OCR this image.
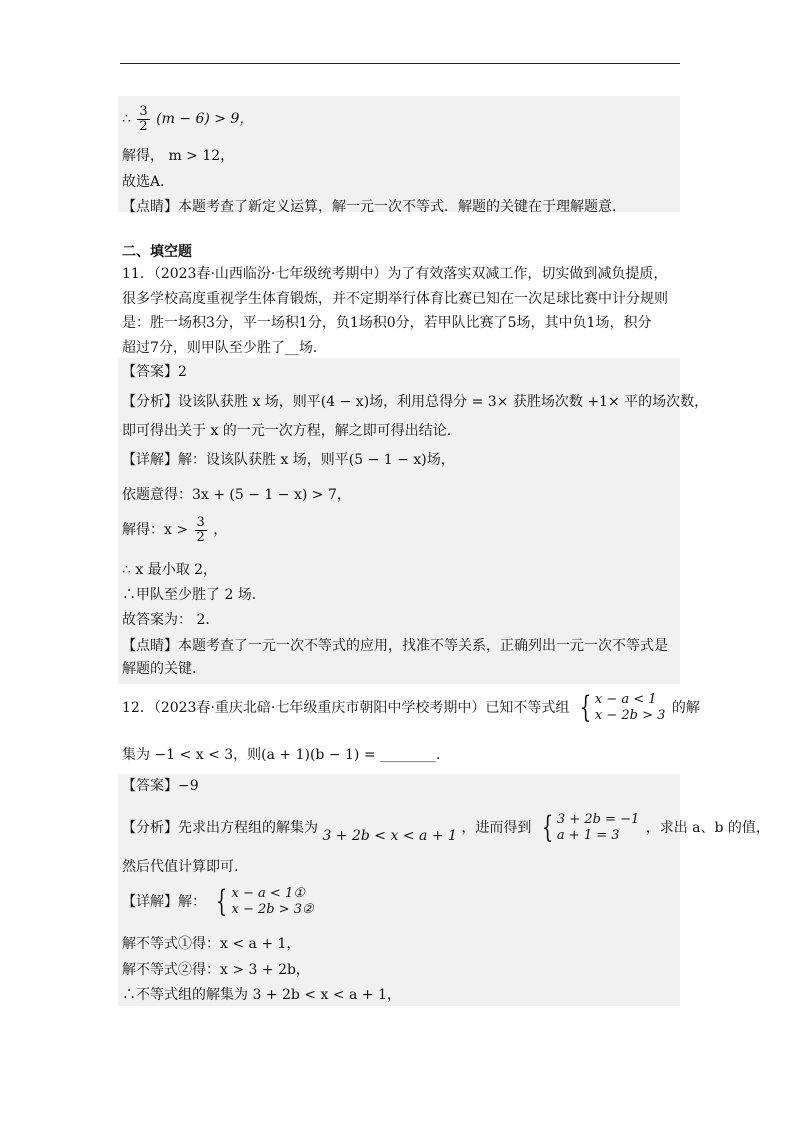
∴ $\frac{3}{2} (m - 6) > 9$，
解得， m > 12，
故选A．
【点睛】本题考查了新定义运算，解一元一次不等式．解题的关键在于理解题意．
二、填空题
11．（2023春·山西临汾·七年级统考期中）为了有效落实双减工作，切实做到减负提质，
很多学校高度重视学生体育锻炼，并不定期举行体育比赛已知在一次足球比赛中计分规则
是：胜一场积3分，平一场积1分，负1场积0分，若甲队比赛了5场，其中负1场，积分
超过7分，则甲队至少胜了__场．
【答案】2
【分析】设该队获胜 x 场，则平(4 − x)场，利用总得分 = 3× 获胜场次数 +1× 平的场次数，
即可得出关于 x 的一元一次方程，解之即可得出结论．
【详解】解：设该队获胜 x 场，则平(5 − 1 − x)场，
依题意得：3x + (5 − 1 − x) > 7，
解得：$x > \frac{3}{2}$ ，
∴ x 最小取 2，
∴甲队至少胜了 2 场．
故答案为： 2．
【点睛】本题考查了一元一次不等式的应用，找准不等关系，正确列出一元一次不等式是
解题的关键．
12．（2023春·重庆北碚·七年级重庆市朝阳中学校考期中）已知不等式组 { x − a < 1
x − 2b > 3 的解
集为 −1 < x < 3，则(a + 1)(b − 1) = ________．
【答案】−9
【分析】先求出方程组的解集为 3 + 2b < x < a + 1 ，进而得到 { 3 + 2b = −1
a + 1 = 3	，求出 a、b 的值，
然后代值计算即可．
【详解】解： { x − a < 1①
x − 2b > 3②
解不等式①得：x < a + 1，
解不等式②得：x > 3 + 2b，
∴不等式组的解集为 3 + 2b < x < a + 1，
